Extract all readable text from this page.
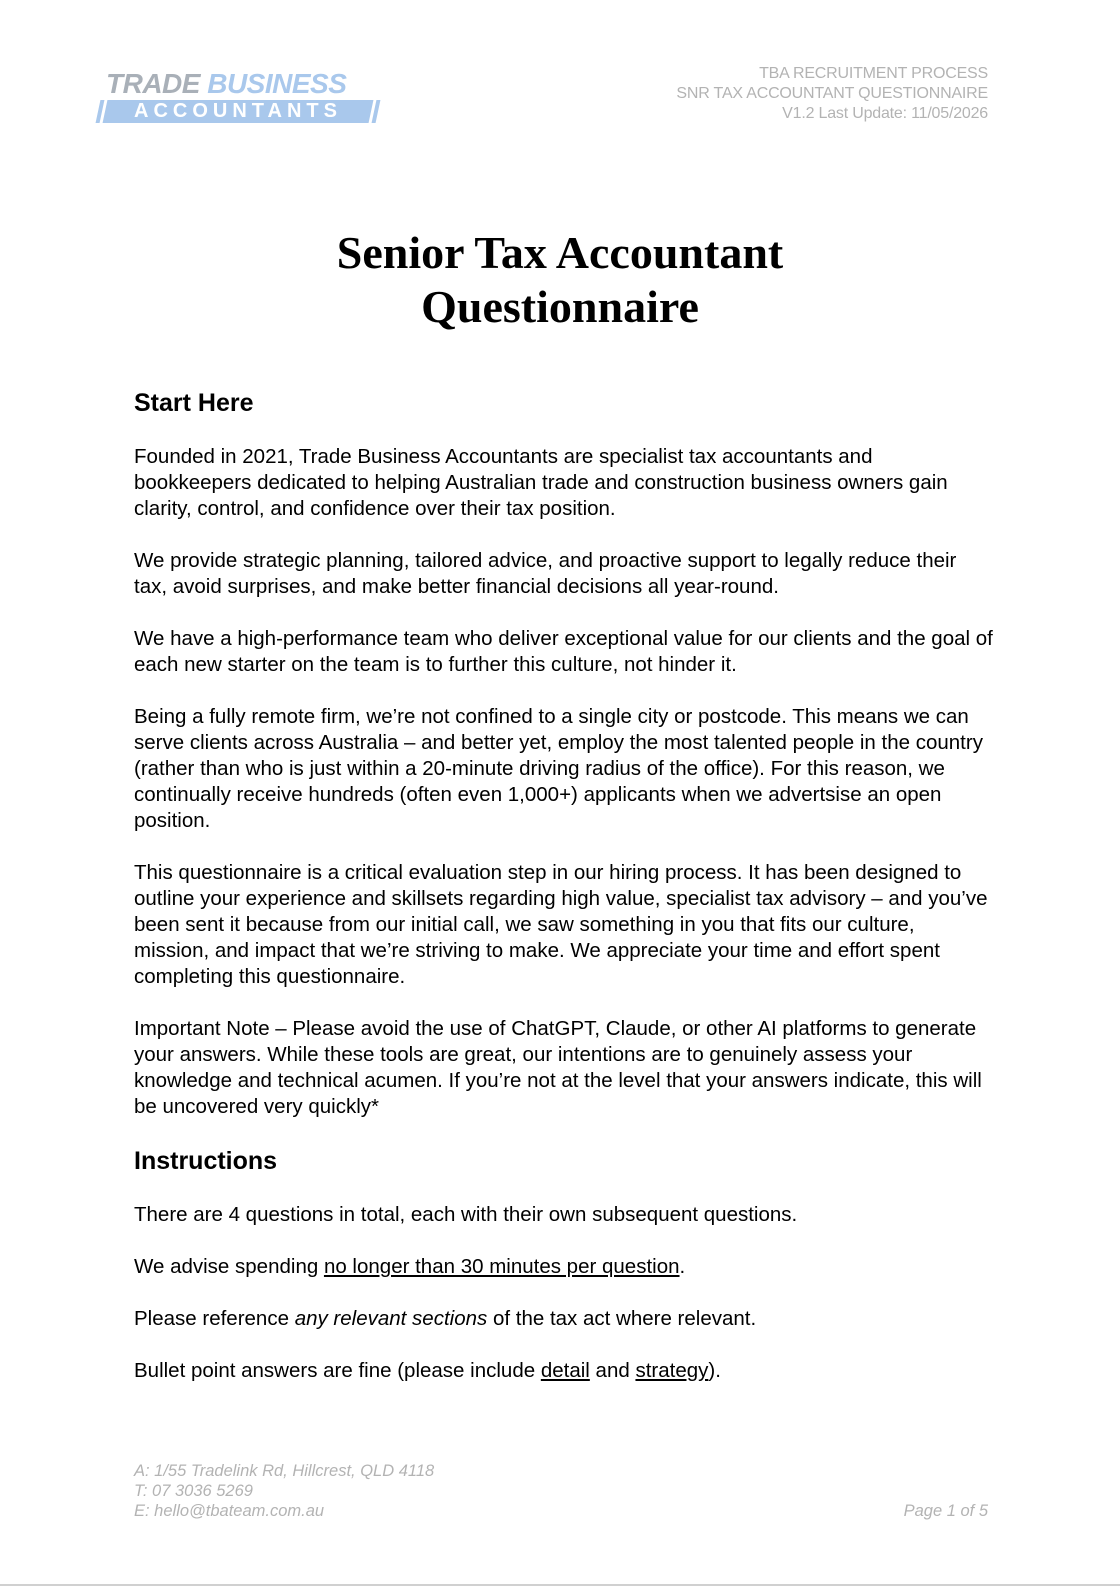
TRADE BUSINESS
ACCOUNTANTS
TBA RECRUITMENT PROCESS
SNR TAX ACCOUNTANT QUESTIONNAIRE
V1.2 Last Update: 11/05/2026
Senior Tax Accountant
Questionnaire
Start Here

Founded in 2021, Trade Business Accountants are specialist tax accountants and bookkeepers dedicated to helping Australian trade and construction business owners gain clarity, control, and confidence over their tax position.

We provide strategic planning, tailored advice, and proactive support to legally reduce their tax, avoid surprises, and make better financial decisions all year-round.

We have a high-performance team who deliver exceptional value for our clients and the goal of each new starter on the team is to further this culture, not hinder it.

Being a fully remote firm, we’re not confined to a single city or postcode. This means we can serve clients across Australia – and better yet, employ the most talented people in the country (rather than who is just within a 20-minute driving radius of the office). For this reason, we continually receive hundreds (often even 1,000+) applicants when we advertsise an open position.

This questionnaire is a critical evaluation step in our hiring process. It has been designed to outline your experience and skillsets regarding high value, specialist tax advisory – and you’ve been sent it because from our initial call, we saw something in you that fits our culture, mission, and impact that we’re striving to make. We appreciate your time and effort spent completing this questionnaire.

Important Note – Please avoid the use of ChatGPT, Claude, or other AI platforms to generate your answers. While these tools are great, our intentions are to genuinely assess your knowledge and technical acumen. If you’re not at the level that your answers indicate, this will be uncovered very quickly*

Instructions

There are 4 questions in total, each with their own subsequent questions.

We advise spending no longer than 30 minutes per question.

Please reference any relevant sections of the tax act where relevant.

Bullet point answers are fine (please include detail and strategy).

A: 1/55 Tradelink Rd, Hillcrest, QLD 4118
T: 07 3036 5269
E: hello@tbateam.com.au	Page 1 of 5
